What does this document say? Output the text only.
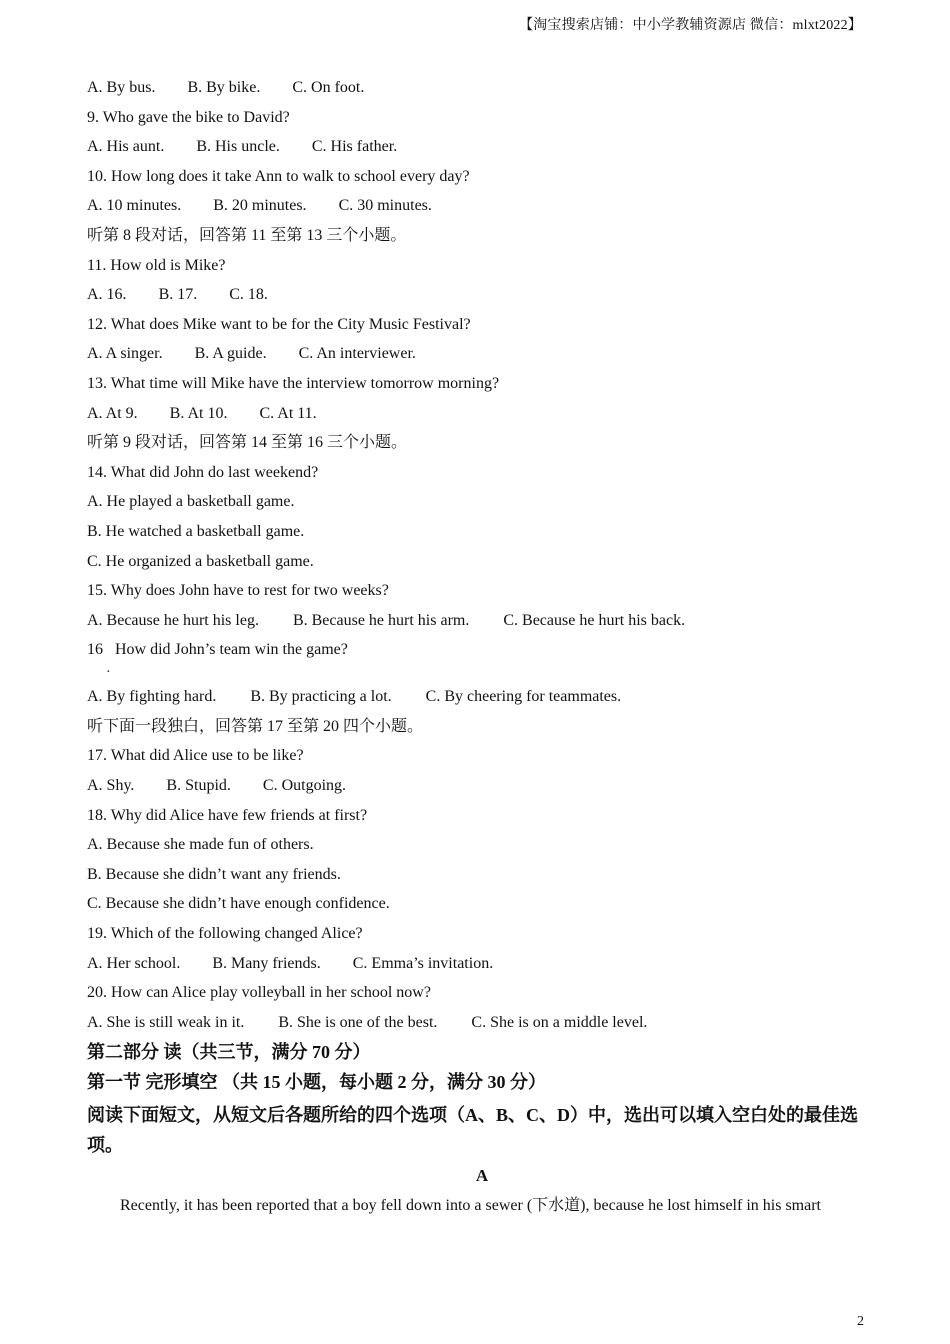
【淘宝搜索店铺：中小学教辅资源店 微信：mlxt2022】
A. By bus. B. By bike. C. On foot.
9. Who gave the bike to David?
A. His aunt. B. His uncle. C. His father.
10. How long does it take Ann to walk to school every day?
A. 10 minutes. B. 20 minutes. C. 30 minutes.
听第 8 段对话，回答第 11 至第 13 三个小题。
11. How old is Mike?
A. 16. B. 17. C. 18.
12. What does Mike want to be for the City Music Festival?
A. A singer. B. A guide. C. An interviewer.
13. What time will Mike have the interview tomorrow morning?
A. At 9. B. At 10. C. At 11.
听第 9 段对话，回答第 14 至第 16 三个小题。
14. What did John do last weekend?
A. He played a basketball game.
B. He watched a basketball game.
C. He organized a basketball game.
15. Why does John have to rest for two weeks?
A. Because he hurt his leg. B. Because he hurt his arm. C. Because he hurt his back.
16   How did John’s team win the game?
·
A. By fighting hard. B. By practicing a lot. C. By cheering for teammates.
听下面一段独白，回答第 17 至第 20 四个小题。
17. What did Alice use to be like?
A. Shy. B. Stupid. C. Outgoing.
18. Why did Alice have few friends at first?
A. Because she made fun of others.
B. Because she didn’t want any friends.
C. Because she didn’t have enough confidence.
19. Which of the following changed Alice?
A. Her school. B. Many friends. C. Emma’s invitation.
20. How can Alice play volleyball in her school now?
A. She is still weak in it. B. She is one of the best. C. She is on a middle level.
第二部分 读（共三节，满分 70 分）
第一节 完形填空 （共 15 小题，每小题 2 分，满分 30 分）
阅读下面短文，从短文后各题所给的四个选项（A、B、C、D）中，选出可以填入空白处的最佳选项。
A
Recently, it has been reported that a boy fell down into a sewer (下水道), because he lost himself in his smart
2
